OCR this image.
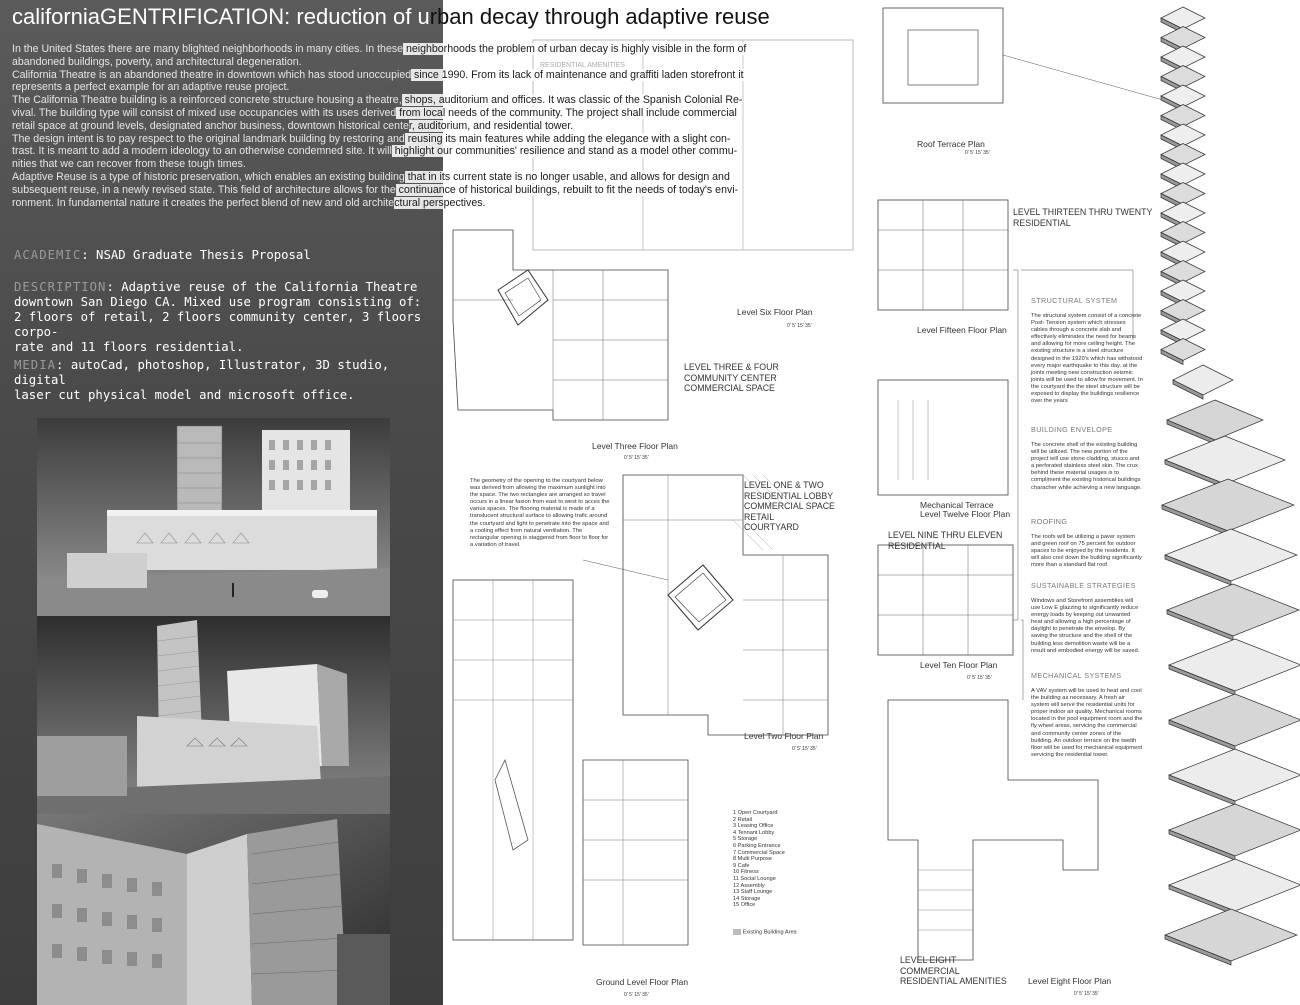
californiaGENTRIFICATION: reduction of urban decay through adaptive reuse
In the United States there are many blighted neighborhoods in many cities. In these neighborhoods the problem of urban decay is highly visible in the form of
abandoned buildings, poverty, and architectural degeneration.
California Theatre is an abandoned theatre in downtown which has stood unoccupied since 1990. From its lack of maintenance and graffiti laden storefront it
represents a perfect example for an adaptive reuse project.
The California Theatre building is a reinforced concrete structure housing a theatre, shops, auditorium and offices. It was classic of the Spanish Colonial Re-
vival. The building type will consist of mixed use occupancies with its uses derived from local needs of the community. The project shall include commercial
retail space at ground levels, designated anchor business, downtown historical center, auditorium, and residential tower.
The design intent is to pay respect to the original landmark building by restoring and reusing its main features while adding the elegance with a slight con-
trast. It is meant to add a modern ideology to an otherwise condemned site. It will highlight our communities' resilience and stand as a model other commu-
nities that we can recover from these tough times.
Adaptive Reuse is a type of historic preservation, which enables an existing building that in its current state is no longer usable, and allows for design and
subsequent reuse, in a newly revised state. This field of architecture allows for the continuance of historical buildings, rebuilt to fit the needs of today's envi-
ronment. In fundamental nature it creates the perfect blend of new and old architectural perspectives.

ACADEMIC: NSAD Graduate Thesis Proposal

DESCRIPTION: Adaptive reuse of the California Theatre

downtown San Diego CA. Mixed use program consisting of:

2 floors of retail, 2 floors community center, 3 floors corpo-

rate and 11 floors residential.

MEDIA: autoCad, photoshop, Illustrator, 3D studio, digital

laser cut physical model and microsoft office.

Level Six Floor Plan
Level Three Floor Plan
Level Two Floor Plan
Ground Level Floor Plan
0' 5' 15' 35'
0' 5' 15' 35'
0' 5' 15' 35'
0' 5' 15' 35'
LEVEL THREE & FOUR
COMMUNITY CENTER
COMMERCIAL SPACE
LEVEL ONE & TWO
RESIDENTIAL LOBBY
COMMERCIAL SPACE
RETAIL
COURTYARD
The geometry of the opening to the courtyard below was derived from allowing the maximum sunlight into the space. The two rectangles are arranged so travel occurs in a linear fasion from east to west to acces the varius spaces. The flooring material is made of a translucent structural surface to allowing trafic around the courtyard and light to penetrate into the space and a cooling effect from natural ventilation. The rectangular opening is staggered from floor to floor for a variation of travel.
1 Open Courtyard
2 Retail
3 Leasing Office
4 Tennant Lobby
5 Storage
6 Parking Entrance
7 Commercial Space
8 Multi Purpose
9 Cafe
10 Fitness
11 Social Lounge
12 Assembly
13 Staff Lounge
14 Storage
15 Office
Existing Building Area
Roof Terrace Plan
Level Fifteen Floor Plan
Mechanical Terrace
Level Twelve Floor Plan
Level Ten Floor Plan
Level Eight Floor Plan
0' 5' 15' 35'
0' 5' 15' 35'
0' 5' 15' 35'
LEVEL THIRTEEN THRU TWENTY
RESIDENTIAL
LEVEL NINE THRU ELEVEN
RESIDENTIAL
LEVEL EIGHT
COMMERCIAL
RESIDENTIAL AMENITIES
RESIDENTIAL AMENITIES
STRUCTURAL SYSTEM
The structural system consist of a concrete Post- Tension system which stresses cables through a concrete slab and effectively eliminates the need for beams and allowing for more ceiling height. The existing structure is a steel structure designed in the 1920's which has withstood every major earthquake to this day. at the joints meeting new construction seismic joints will be used to allow for movement. In the courtyard the the steel structure will be exposed to display the buildings resilience over the years
BUILDING ENVELOPE
The concrete shell of the existing building will be utilized. The new portion of the project will use stone cladding, stucco and a perforated stainless steel skin. The crux behind these material usages is to compliment the existing historical buildings characher while achieving a new language.
ROOFING
The roofs will be utilizing a paver system and green roof on 75 percent for outdoor spaces to be enjoyed by the residents. It will also cool down the building significantly more than a standard flat roof.
SUSTAINABLE STRATEGIES
Windows and Storefront assemblies will use Low E glazzing to significantly reduce energy loads by keeping out unwanted heat and allowing a high percentage of daylight to penetrate the envelop. By saving the structure and the shell of the building less demolition waste will be a result and embodied energy will be saved.
MECHANICAL SYSTEMS
A VAV system will be used to heat and cool the building as necessary. A fresh air system will serve the residential units for proper indoor air quality. Mechanical rooms located in the pool equipment room and the fly wheel areas, servicing the commercial and community center zones of the building. An outdoor terrace on the twelth floor will be used for mechanical equipment servicing the residential tower.
